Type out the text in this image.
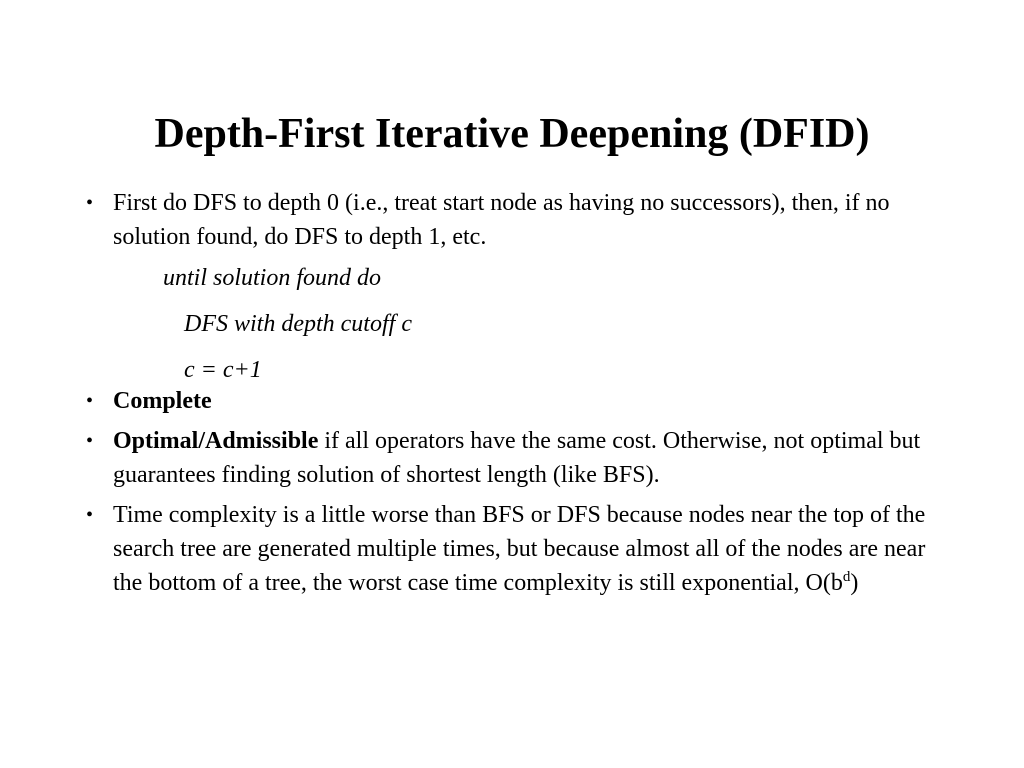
Depth-First Iterative Deepening (DFID)
• First do DFS to depth 0 (i.e., treat start node as having no successors), then, if no solution found, do DFS to depth 1, etc.
until solution found do
DFS with depth cutoff c
c = c+1
• Complete
• Optimal/Admissible if all operators have the same cost. Otherwise, not optimal but guarantees finding solution of shortest length (like BFS).
• Time complexity is a little worse than BFS or DFS because nodes near the top of the search tree are generated multiple times, but because almost all of the nodes are near the bottom of a tree, the worst case time complexity is still exponential, $O(b^d)$
